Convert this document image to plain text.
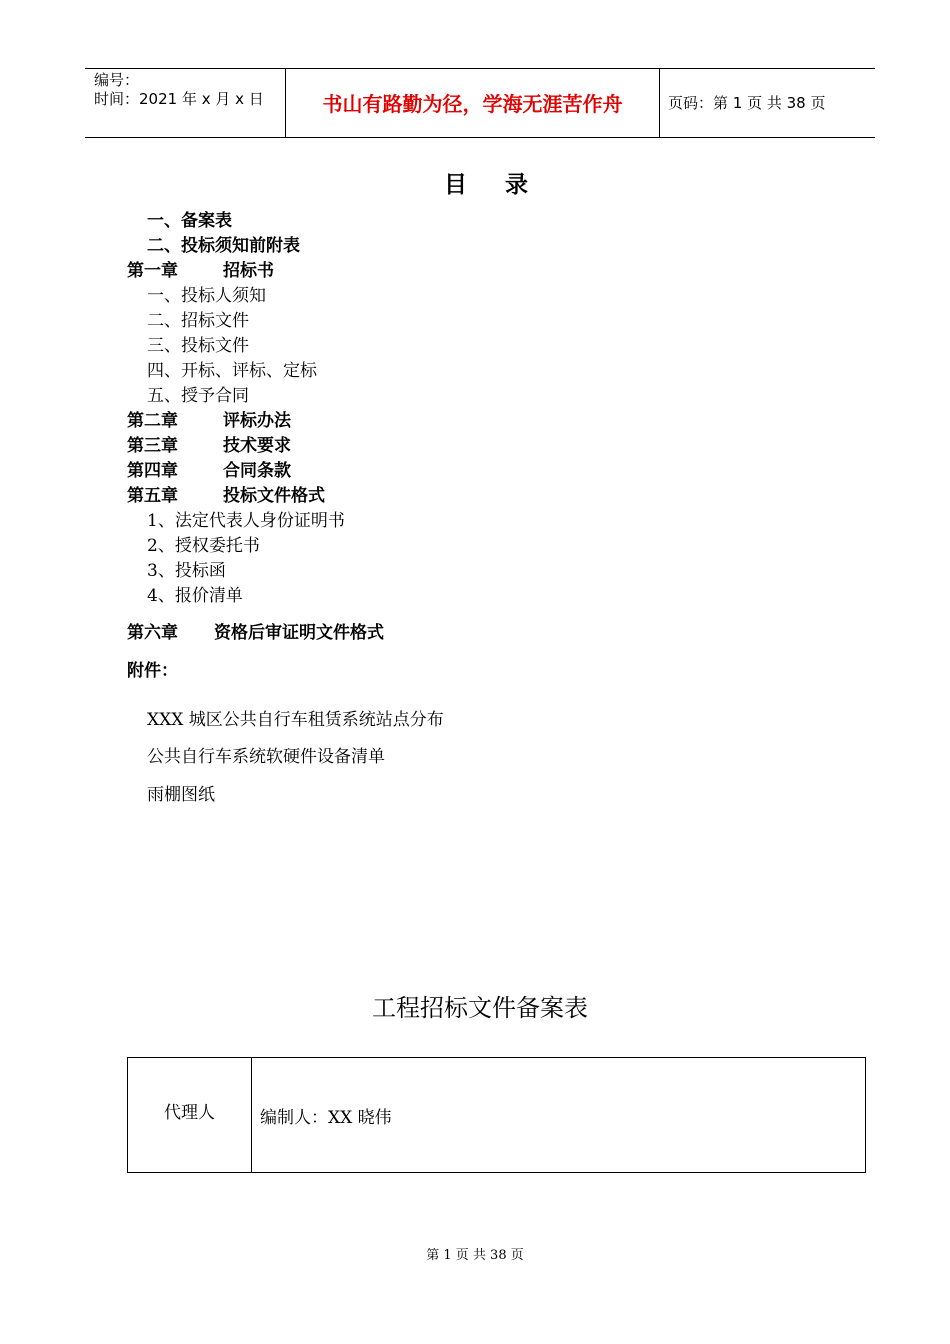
编号：
时间：2021 年 x 月 x 日	书山有路勤为径，学海无涯苦作舟	页码：第 1 页 共 38 页
目录
一、备案表
二、投标须知前附表
第一章	招标书
一、投标人须知
二、招标文件
三、投标文件
四、开标、评标、定标
五、授予合同
第二章	评标办法
第三章	技术要求
第四章	合同条款
第五章	投标文件格式
1、法定代表人身份证明书
2、授权委托书
3、投标函
4、报价清单
第六章 资格后审证明文件格式
附件：
XXX 城区公共自行车租赁系统站点分布
公共自行车系统软硬件设备清单
雨棚图纸
工程招标文件备案表
代理人	编制人：XX 晓伟
第 1 页 共 38 页
